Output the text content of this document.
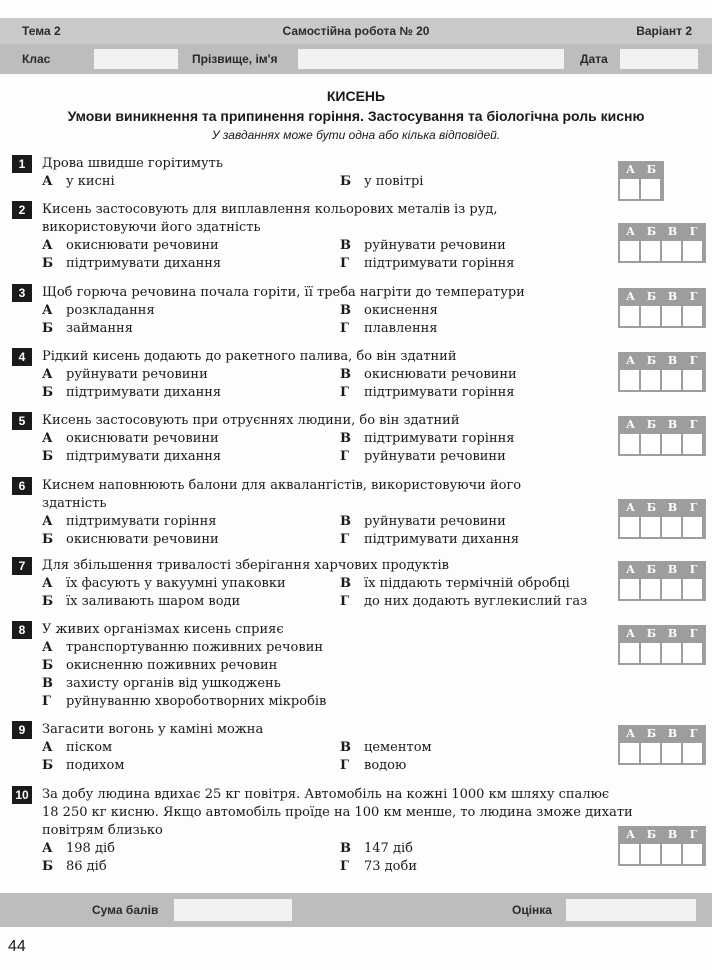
Тема 2	Самостійна робота № 20	Варіант 2
Клас	Прізвище, ім'я	Дата
КИСЕНЬ
Умови виникнення та припинення горіння. Застосування та біологічна роль кисню
У завданнях може бути одна або кілька відповідей.
1	Дрова швидше горітимуть
А у кисні	Б у повітрі
А	Б
2	Кисень застосовують для виплавлення кольорових металів із руд,
використовуючи його здатність
А окиснювати речовини
Б підтримувати дихання
В руйнувати речовини
Г підтримувати горіння
А	Б	В	Г
3	Щоб горюча речовина почала горіти, її треба нагріти до температури
А розкладання
Б займання
В окиснення
Г плавлення
А	Б	В	Г
4	Рідкий кисень додають до ракетного палива, бо він здатний
А руйнувати речовини
Б підтримувати дихання
В окиснювати речовини
Г підтримувати горіння
А	Б	В	Г
5	Кисень застосовують при отруєннях людини, бо він здатний
А окиснювати речовини
Б підтримувати дихання
В підтримувати горіння
Г руйнувати речовини
А	Б	В	Г
6	Киснем наповнюють балони для аквалангістів, використовуючи його
здатність
А підтримувати горіння
Б окиснювати речовини
В руйнувати речовини
Г підтримувати дихання
А	Б	В	Г
7	Для збільшення тривалості зберігання харчових продуктів
А їх фасують у вакуумні упаковки
Б їх заливають шаром води
В їх піддають термічній обробці
Г до них додають вуглекислий газ
А	Б	В	Г
8	У живих організмах кисень сприяє
А транспортуванню поживних речовин
Б окисненню поживних речовин
В захисту органів від ушкоджень
Г руйнуванню хвороботворних мікробів
А	Б	В	Г
9	Загасити вогонь у каміні можна
А піском
Б подихом
В цементом
Г водою
А	Б	В	Г
10 За добу людина вдихає 25 кг повітря. Автомобіль на кожні 1000 км шляху спалює
18 250 кг кисню. Якщо автомобіль проїде на 100 км менше, то людина зможе дихати
повітрям близько
А 198 діб
Б 86 діб
В 147 діб
Г 73 доби
А	Б	В	Г
Сума балів	Оцінка
44
